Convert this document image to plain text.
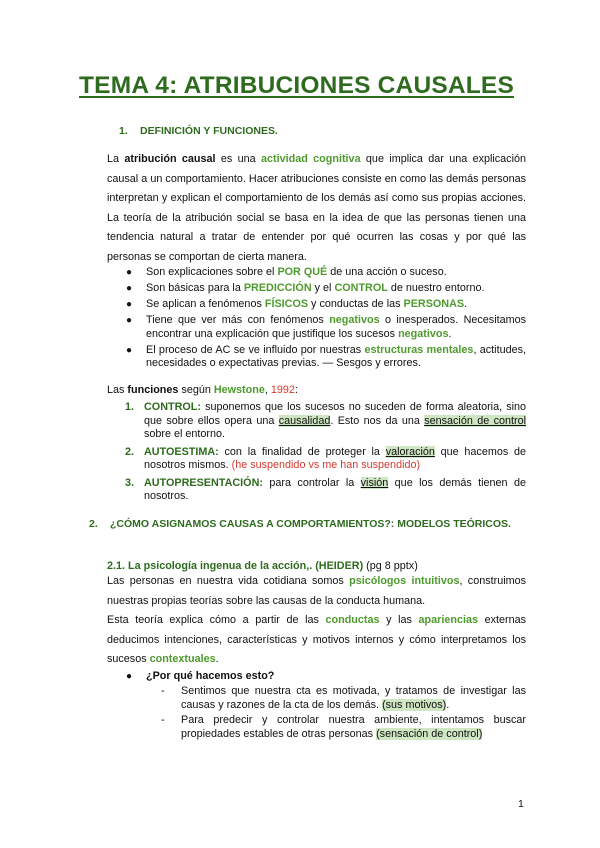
TEMA 4: ATRIBUCIONES CAUSALES
1. DEFINICIÓN Y FUNCIONES.
La atribución causal es una actividad cognitiva que implica dar una explicación causal a un comportamiento. Hacer atribuciones consiste en como las demás personas interpretan y explican el comportamiento de los demás así como sus propias acciones. La teoría de la atribución social se basa en la idea de que las personas tienen una tendencia natural a tratar de entender por qué ocurren las cosas y por qué las personas se comportan de cierta manera.
● Son explicaciones sobre el POR QUÉ de una acción o suceso.
● Son básicas para la PREDICCIÓN y el CONTROL de nuestro entorno.
● Se aplican a fenómenos FÍSICOS y conductas de las PERSONAS.
● Tiene que ver más con fenómenos negativos o inesperados. Necesitamos encontrar una explicación que justifique los sucesos negativos.
● El proceso de AC se ve influido por nuestras estructuras mentales, actitudes, necesidades o expectativas previas. — Sesgos y errores.
Las funciones según Hewstone, 1992:
1. CONTROL: suponemos que los sucesos no suceden de forma aleatoria, sino que sobre ellos opera una causalidad. Esto nos da una sensación de control sobre el entorno.
2. AUTOESTIMA: con la finalidad de proteger la valoración que hacemos de nosotros mismos. (he suspendido vs me han suspendido)
3. AUTOPRESENTACIÓN: para controlar la visión que los demás tienen de nosotros.
2. ¿CÓMO ASIGNAMOS CAUSAS A COMPORTAMIENTOS?: MODELOS TEÓRICOS.
2.1. La psicología ingenua de la acción,. (HEIDER) (pg 8 pptx)
Las personas en nuestra vida cotidiana somos psicólogos intuitivos, construimos nuestras propias teorías sobre las causas de la conducta humana.
Esta teoría explica cómo a partir de las conductas y las apariencias externas deducimos intenciones, características y motivos internos y cómo interpretamos los sucesos contextuales.
● ¿Por qué hacemos esto?
- Sentimos que nuestra cta es motivada, y tratamos de investigar las causas y razones de la cta de los demás. (sus motivos).
- Para predecir y controlar nuestra ambiente, intentamos buscar propiedades estables de otras personas (sensación de control)
1
